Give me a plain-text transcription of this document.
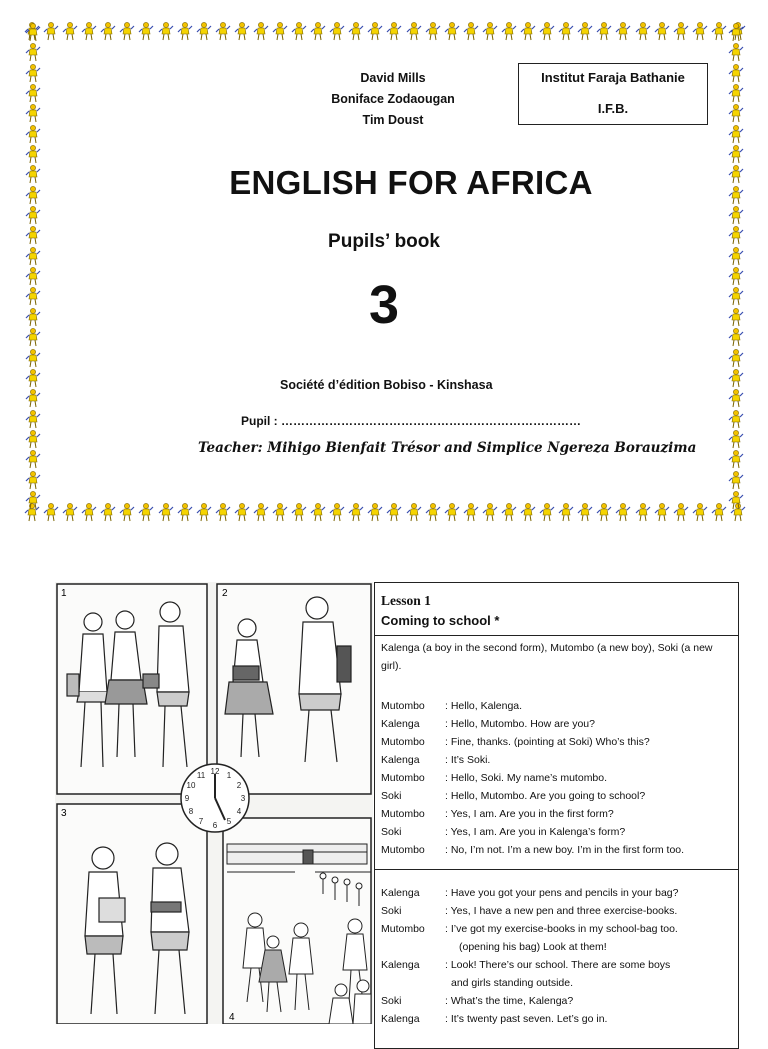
David Mills
Boniface Zodaougan
Tim Doust
Institut Faraja Bathanie
I.F.B.
ENGLISH FOR AFRICA
Pupils’ book
3
Société d’édition Bobiso - Kinshasa
Pupil : …………………………………………………………………
Teacher: Mihigo Bienfait Trésor and Simplice Ngereza Borauzima
1	2
3
4
12 1
2
3
4
5
6
7
8
9
10
11
Lesson 1
Coming to school *
Kalenga (a boy in the second form), Mutombo (a new boy), Soki (a new girl).
Mutombo	: Hello, Kalenga.
Kalenga	: Hello, Mutombo. How are you?
Mutombo	: Fine, thanks. (pointing at Soki) Who’s this?
Kalenga	: It’s Soki.
Mutombo	: Hello, Soki. My name’s mutombo.
Soki	: Hello, Mutombo. Are you going to school?
Mutombo	: Yes, I am. Are you in the first form?
Soki	: Yes, I am. Are you in Kalenga’s form?
Mutombo	: No, I’m not. I’m a new boy. I’m in the first form too.
Kalenga	: Have you got your pens and pencils in your bag?
Soki	: Yes, I have a new pen and three exercise-books.
Mutombo	: I’ve got my exercise-books in my school-bag too.
(opening his bag) Look at them!
Kalenga	: Look! There’s our school. There are some boys
and girls standing outside.
Soki	: What’s the time, Kalenga?
Kalenga	: It’s twenty past seven. Let’s go in.
